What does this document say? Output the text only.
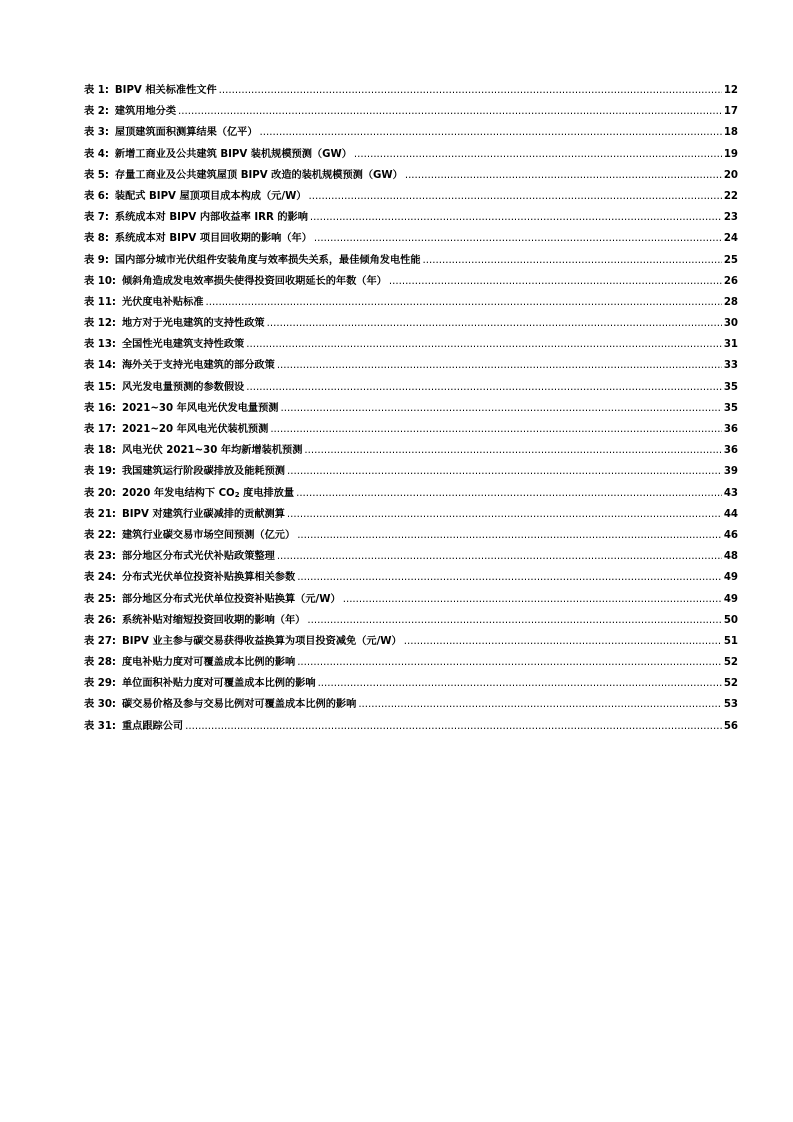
表 1: BIPV 相关标准性文件 .....	12
表 2: 建筑用地分类 .....	17
表 3: 屋顶建筑面积测算结果（亿平） .....	18
表 4: 新增工商业及公共建筑 BIPV 装机规模预测（GW） .....	19
表 5: 存量工商业及公共建筑屋顶 BIPV 改造的装机规模预测（GW） .....	20
表 6: 装配式 BIPV 屋顶项目成本构成（元/W） .....	22
表 7: 系统成本对 BIPV 内部收益率 IRR 的影响 .....	23
表 8: 系统成本对 BIPV 项目回收期的影响（年） .....	24
表 9: 国内部分城市光伏组件安装角度与效率损失关系，最佳倾角发电性能 .....	25
表 10: 倾斜角造成发电效率损失使得投资回收期延长的年数（年） .....	26
表 11: 光伏度电补贴标准 .....	28
表 12: 地方对于光电建筑的支持性政策 .....	30
表 13: 全国性光电建筑支持性政策 .....	31
表 14: 海外关于支持光电建筑的部分政策 .....	33
表 15: 风光发电量预测的参数假设 .....	35
表 16: 2021~30 年风电光伏发电量预测 .....	35
表 17: 2021~20 年风电光伏装机预测 .....	36
表 18: 风电光伏 2021~30 年均新增装机预测 .....	36
表 19: 我国建筑运行阶段碳排放及能耗预测 .....	39
表 20: 2020 年发电结构下 $CO_2$ 度电排放量 .....	43
表 21: BIPV 对建筑行业碳减排的贡献测算 .....	44
表 22: 建筑行业碳交易市场空间预测（亿元） .....	46
表 23: 部分地区分布式光伏补贴政策整理 .....	48
表 24: 分布式光伏单位投资补贴换算相关参数 .....	49
表 25: 部分地区分布式光伏单位投资补贴换算（元/W） .....	49
表 26: 系统补贴对缩短投资回收期的影响（年） .....	50
表 27: BIPV 业主参与碳交易获得收益换算为项目投资减免（元/W） .....	51
表 28: 度电补贴力度对可覆盖成本比例的影响 .....	52
表 29: 单位面积补贴力度对可覆盖成本比例的影响 .....	52
表 30: 碳交易价格及参与交易比例对可覆盖成本比例的影响 .....	53
表 31: 重点跟踪公司 .....	56
